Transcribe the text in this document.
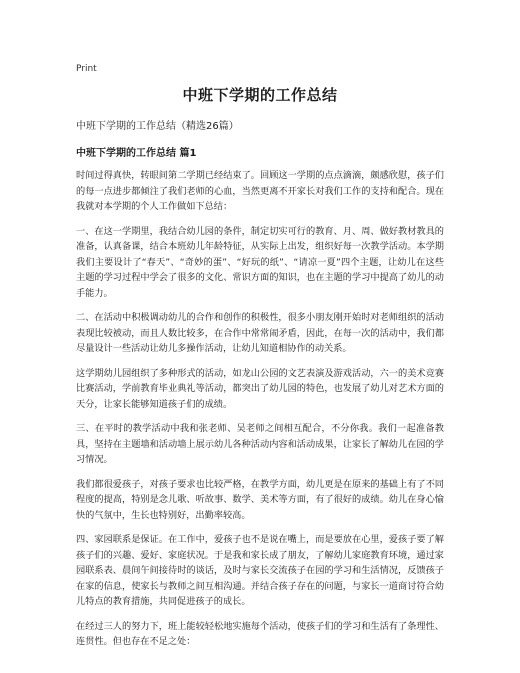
Print
中班下学期的工作总结
中班下学期的工作总结（精选26篇）
中班下学期的工作总结 篇1
时间过得真快，转眼间第二学期已经结束了。回顾这一学期的点点滴滴，颇感欣慰，孩子们的每一点进步都倾注了我们老师的心血，当然更离不开家长对我们工作的支持和配合。现在我就对本学期的个人工作做如下总结：
一、在这一学期里，我结合幼儿园的条件，制定切实可行的教育、月、周、做好教材教具的准备，认真备课，结合本班幼儿年龄特征，从实际上出发，组织好每一次教学活动。本学期我们主要设计了“春天”、“奇妙的蛋”、“好玩的纸”、“请凉一夏”四个主题，让幼儿在这些主题的学习过程中学会了很多的文化、常识方面的知识，也在主题的学习中提高了幼儿的动手能力。
二、在活动中积极调动幼儿的合作和创作的积极性，很多小朋友刚开始时对老师组织的活动表现比较被动，而且人数比较多，在合作中常常闹矛盾，因此，在每一次的活动中，我们都尽量设计一些活动让幼儿多操作活动，让幼儿知道相协作的动关系。
这学期幼儿园组织了多种形式的活动，如龙山公园的文艺表演及游戏活动，六一的美术竞赛比赛活动，学前教育毕业典礼等活动，都突出了幼儿园的特色，也发展了幼儿对艺术方面的天分，让家长能够知道孩子们的成绩。
三、在平时的教学活动中我和张老师、吴老师之间相互配合，不分你我。我们一起准备教具，坚持在主题墙和活动墙上展示幼儿各种活动内容和活动成果，让家长了解幼儿在园的学习情况。
我们都很爱孩子，对孩子要求也比较严格，在教学方面，幼儿更是在原来的基础上有了不同程度的提高，特别是念儿歌、听故事、数学、美术等方面，有了很好的成绩。幼儿在身心愉快的气氛中，生长也特别好，出勤率较高。
四、家园联系是保证。在工作中，爱孩子也不是说在嘴上，而是要放在心里，爱孩子要了解孩子们的兴趣、爱好、家庭状况。于是我和家长成了朋友，了解幼儿家庭教育环境，通过家园联系表、晨间午间接待时的谈话，及时与家长交流孩子在园的学习和生活情况，反馈孩子在家的信息，使家长与教师之间互相沟通。并结合孩子存在的问题，与家长一道商讨符合幼儿特点的教育措施，共同促进孩子的成长。
在经过三人的努力下，班上能较轻松地实施每个活动，使孩子们的学习和生活有了条理性、连贯性。但也存在不足之处：
